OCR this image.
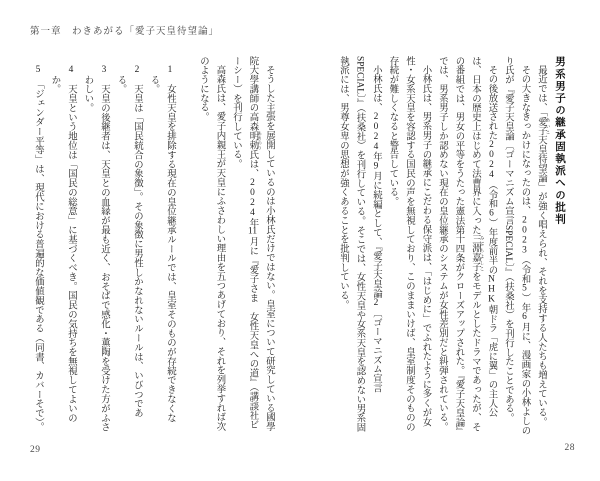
第一章　わきあがる「愛子天皇待望論」
男系男子の継承固執派への批判

最近では、「愛子 あいこ天皇待望論」が強く唱えられ、それを支持する人たちも増えている。

その大きなきっかけになったのは、2023（令和5）年6月に、漫画家の小林よしのり氏が『愛子天皇論〔ゴーマニズム宣言SPECIAL〕』（扶桑社）を刊行したことである。

その後放送された2024（令和6）年度前半のNHK朝ドラ「虎に翼」の主人公は、日本の歴史上はじめて法曹界に入った三淵嘉子 みぶちよしこをモデルとしたドラマであったが、その番組では、男女の平等をうたった憲法第十四条がクローズアップされた。『愛子天皇論』では、男系男子しか認めない現在の皇位継承のシステムが女性差別だと糾弾されている。

小林氏は、男系男子の継承にこだわる保守派は、「はじめに」でふれたように多くが女性・女系天皇を容認する国民の声を無視しており、このままいけば、皇室制度そのものの存続が難しくなると警告している。

小林氏は、2024年9月に続編として、『愛子天皇論2〔ゴーマニズム宣言SPECIAL〕』（扶桑社）を刊行している。そこでは、女性天皇や女系天皇を認めない男系固執派には、男尊女卑の思想が強くあることを批判している。

28

そうした主張を展開しているのは小林氏だけではない。皇室について研究している國學院大學講師の高森明勅 あきのり氏は、2024年11月に『愛子さま　女性天皇への道』（講談社ビーシー）を刊行している。

高森氏は、愛子内親王が天皇にふさわしい理由を五つあげており、それを列挙すれば次のようになる。

1　女性天皇を排除する現在の皇位継承ルールでは、皇室そのものが存続できなくなる。

2　天皇は「国民統合の象徴」。その象徴に男性しかなれないルールは、いびつである。

3　天皇の後継者は、天皇との血縁が最も近く、おそばで感化・薫陶を受けた方がふさわしい。

4　天皇という地位は「国民の総意」に基づくべき。国民の気持ちを無視してよいのか。

5　「ジェンダー平等」は、現代における普遍的な価値観である（同書、カバーそで）。

29
